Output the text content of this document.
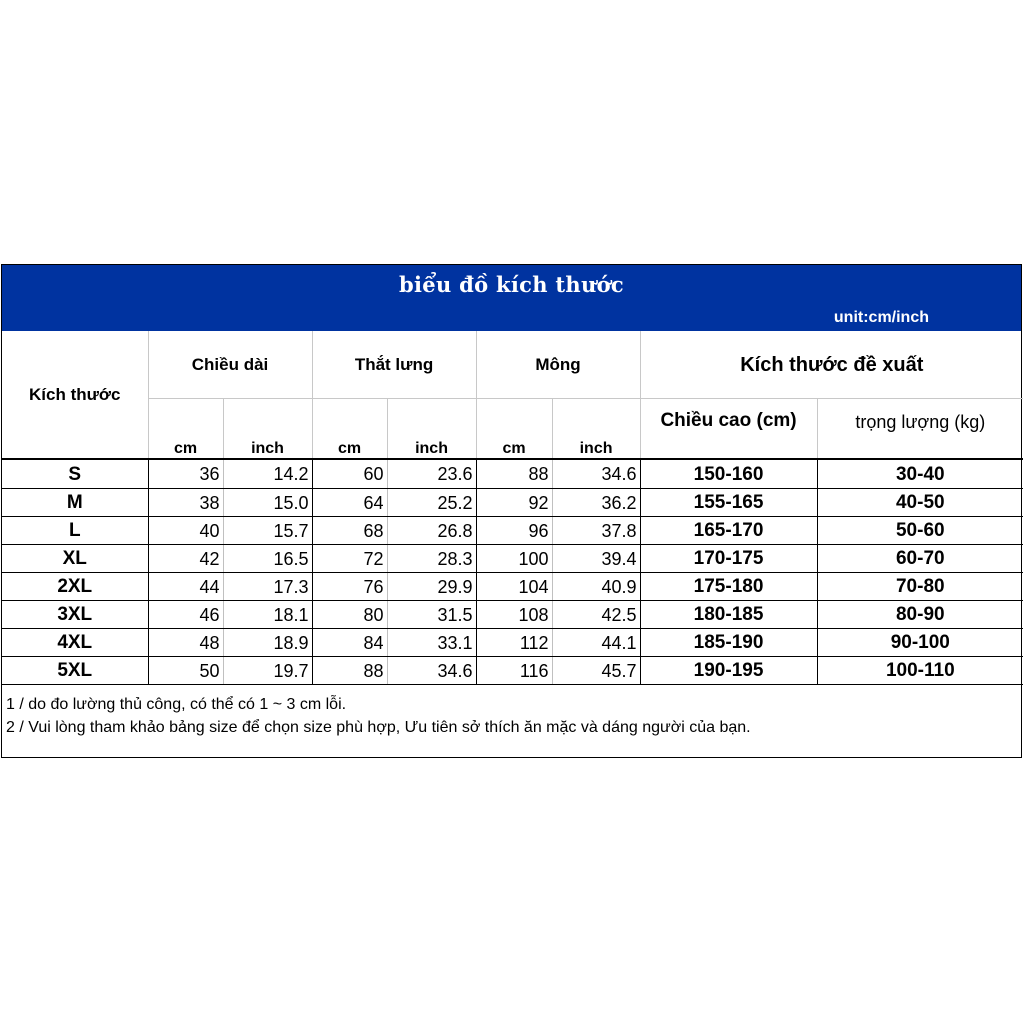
biểu đồ kích thước
unit:cm/inch
Kích thước	Chiều dài		Thắt lưng		Mông		Kích thước đề xuất	
	cm	inch	cm	inch	cm	inch	Chiều cao (cm)	trọng lượng (kg)
S	36	14.2	60	23.6	88	34.6	150-160	30-40
M	38	15.0	64	25.2	92	36.2	155-165	40-50
L	40	15.7	68	26.8	96	37.8	165-170	50-60
XL	42	16.5	72	28.3	100	39.4	170-175	60-70
2XL	44	17.3	76	29.9	104	40.9	175-180	70-80
3XL	46	18.1	80	31.5	108	42.5	180-185	80-90
4XL	48	18.9	84	33.1	112	44.1	185-190	90-100
5XL	50	19.7	88	34.6	116	45.7	190-195	100-110
1 / do đo lường thủ công, có thể có 1 ~ 3 cm lỗi.
2 / Vui lòng tham khảo bảng size để chọn size phù hợp, Ưu tiên sở thích ăn mặc và dáng người của bạn.
